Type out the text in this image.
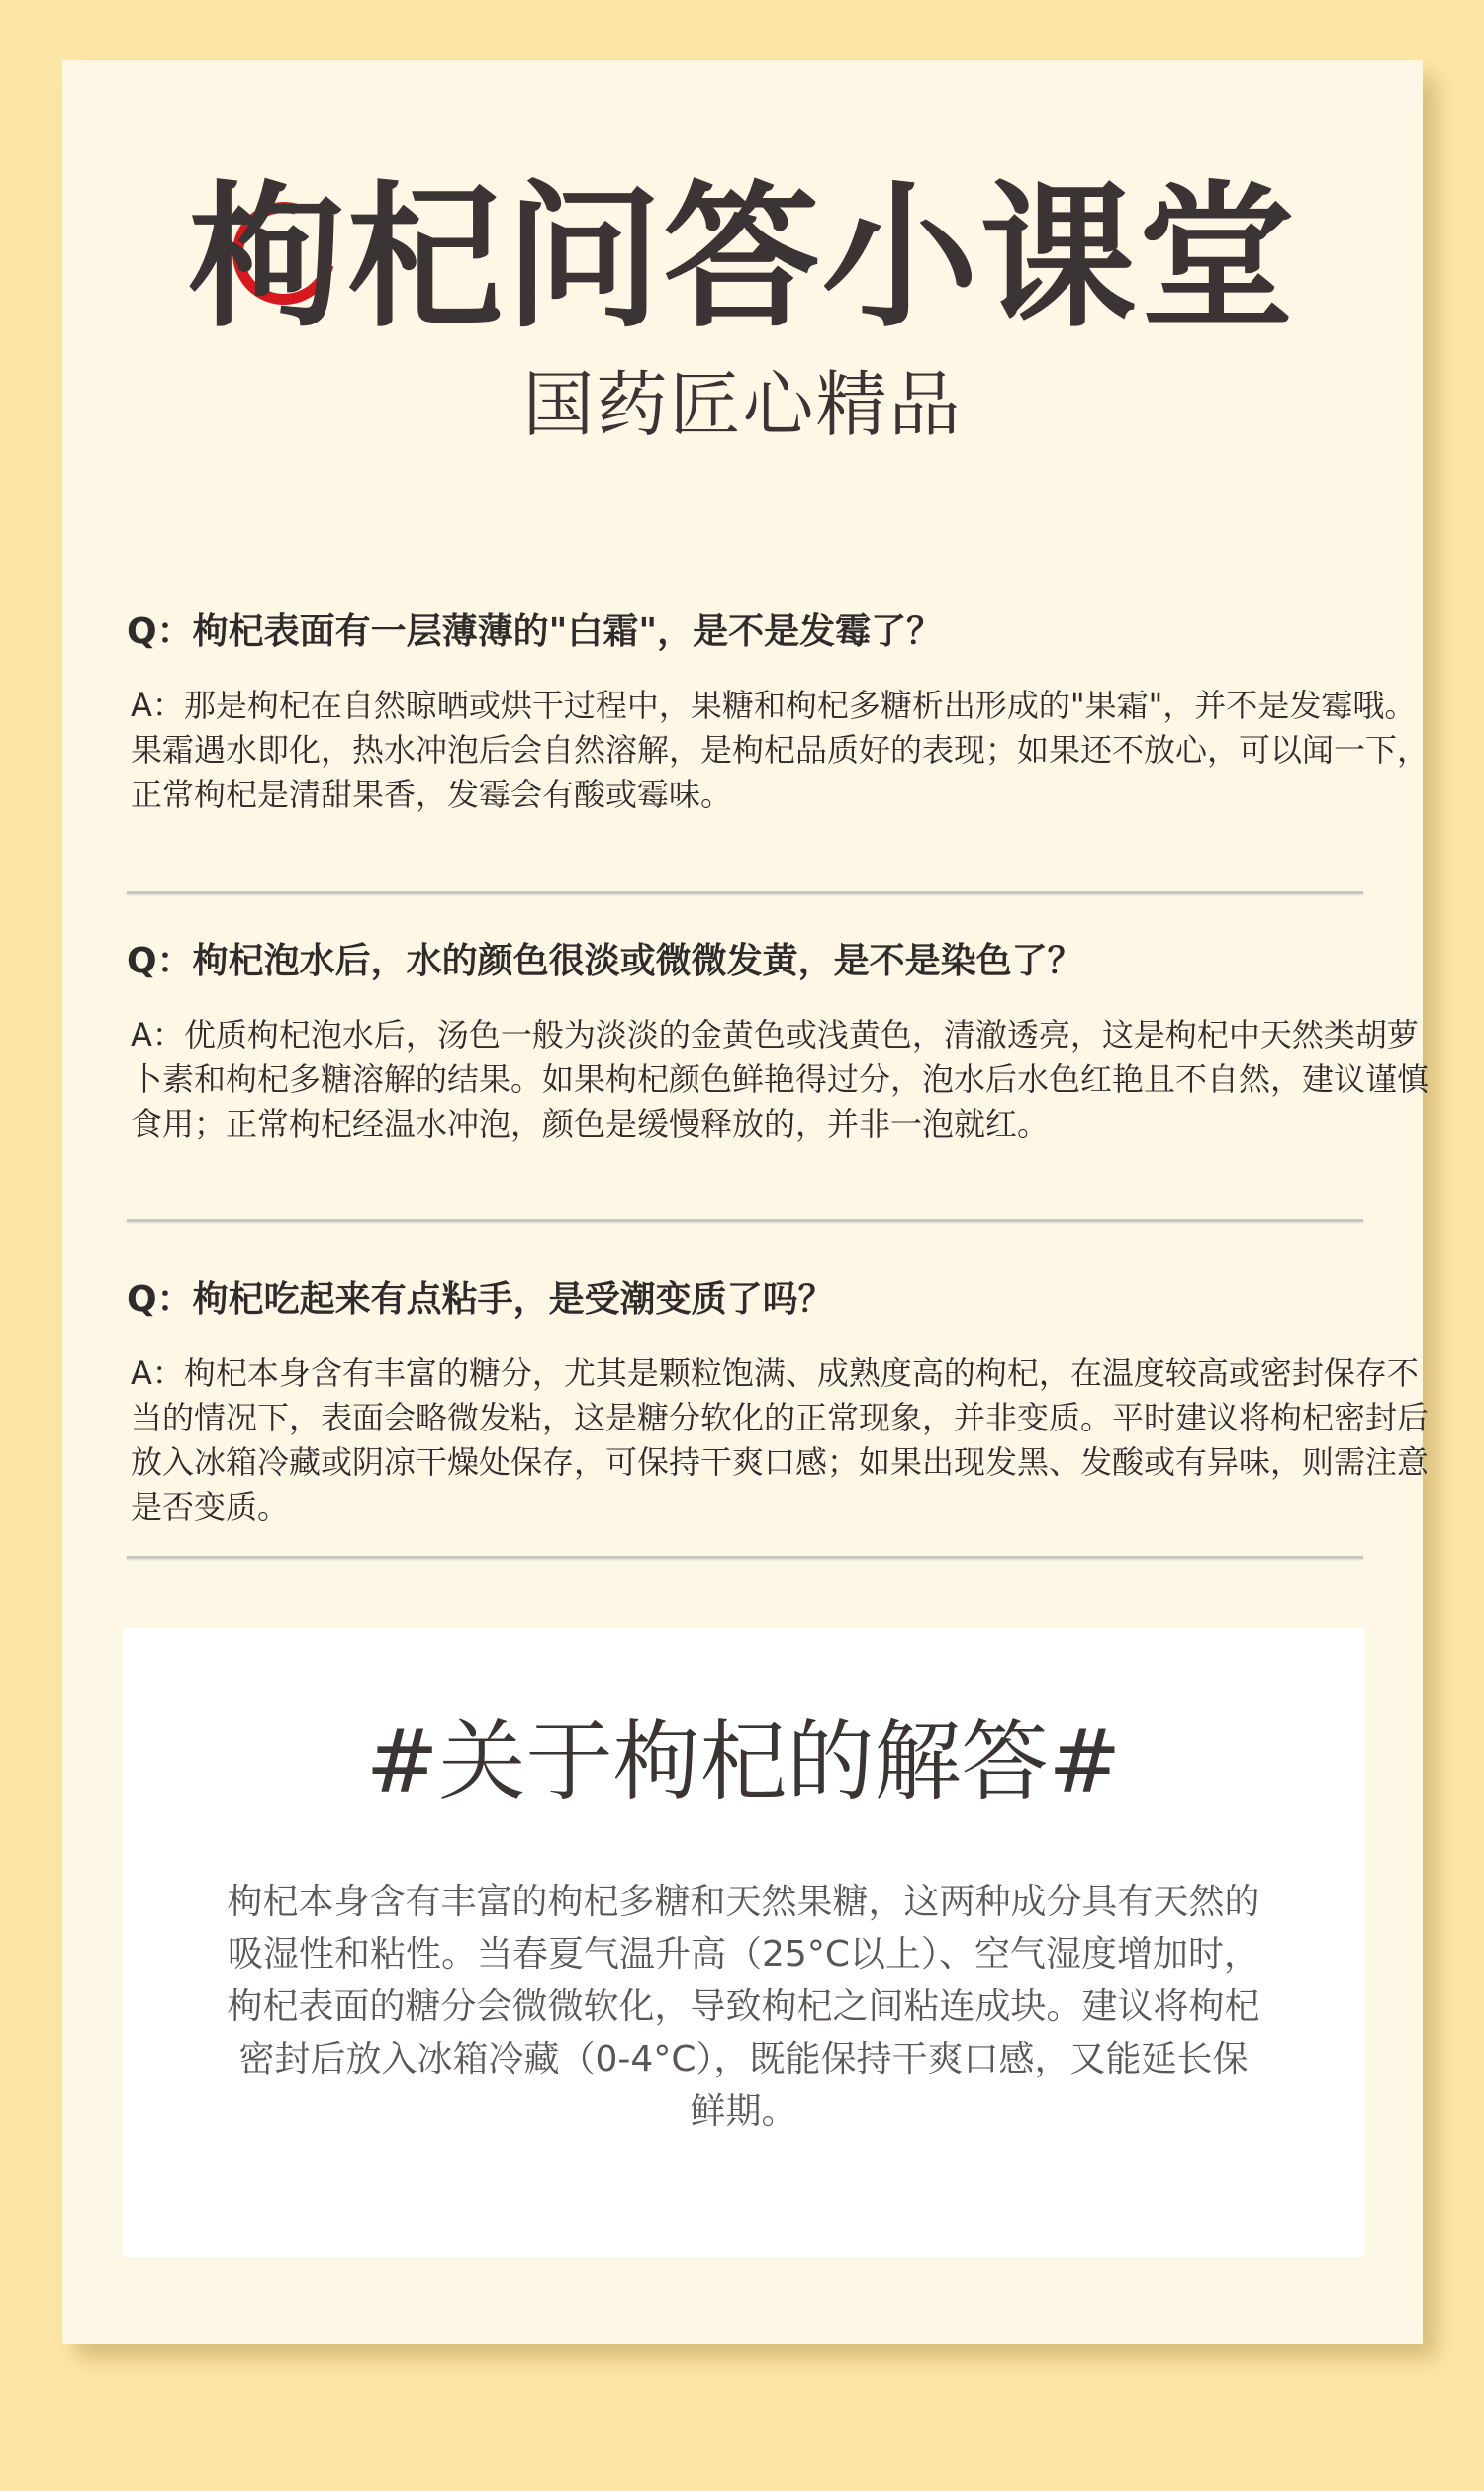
枸杞问答小课堂
国药匠心精品

Q：枸杞表面有一层薄薄的"白霜"，是不是发霉了？

A：那是枸杞在自然晾晒或烘干过程中，果糖和枸杞多糖析出形成的"果霜"，并不是发霉哦。果霜遇水即化，热水冲泡后会自然溶解，是枸杞品质好的表现；如果还不放心，可以闻一下，正常枸杞是清甜果香，发霉会有酸或霉味。

Q：枸杞泡水后，水的颜色很淡或微微发黄，是不是染色了？

A：优质枸杞泡水后，汤色一般为淡淡的金黄色或浅黄色，清澈透亮，这是枸杞中天然类胡萝卜素和枸杞多糖溶解的结果。如果枸杞颜色鲜艳得过分，泡水后水色红艳且不自然，建议谨慎食用；正常枸杞经温水冲泡，颜色是缓慢释放的，并非一泡就红。

Q：枸杞吃起来有点粘手，是受潮变质了吗？

A：枸杞本身含有丰富的糖分，尤其是颗粒饱满、成熟度高的枸杞，在温度较高或密封保存不当的情况下，表面会略微发粘，这是糖分软化的正常现象，并非变质。平时建议将枸杞密封后放入冰箱冷藏或阴凉干燥处保存，可保持干爽口感；如果出现发黑、发酸或有异味，则需注意是否变质。

#关于枸杞的解答#
枸杞本身含有丰富的枸杞多糖和天然果糖，这两种成分具有天然的吸湿性和粘性。当春夏气温升高（25°C以上）、空气湿度增加时，枸杞表面的糖分会微微软化，导致枸杞之间粘连成块。建议将枸杞密封后放入冰箱冷藏（0-4°C），既能保持干爽口感，又能延长保鲜期。
